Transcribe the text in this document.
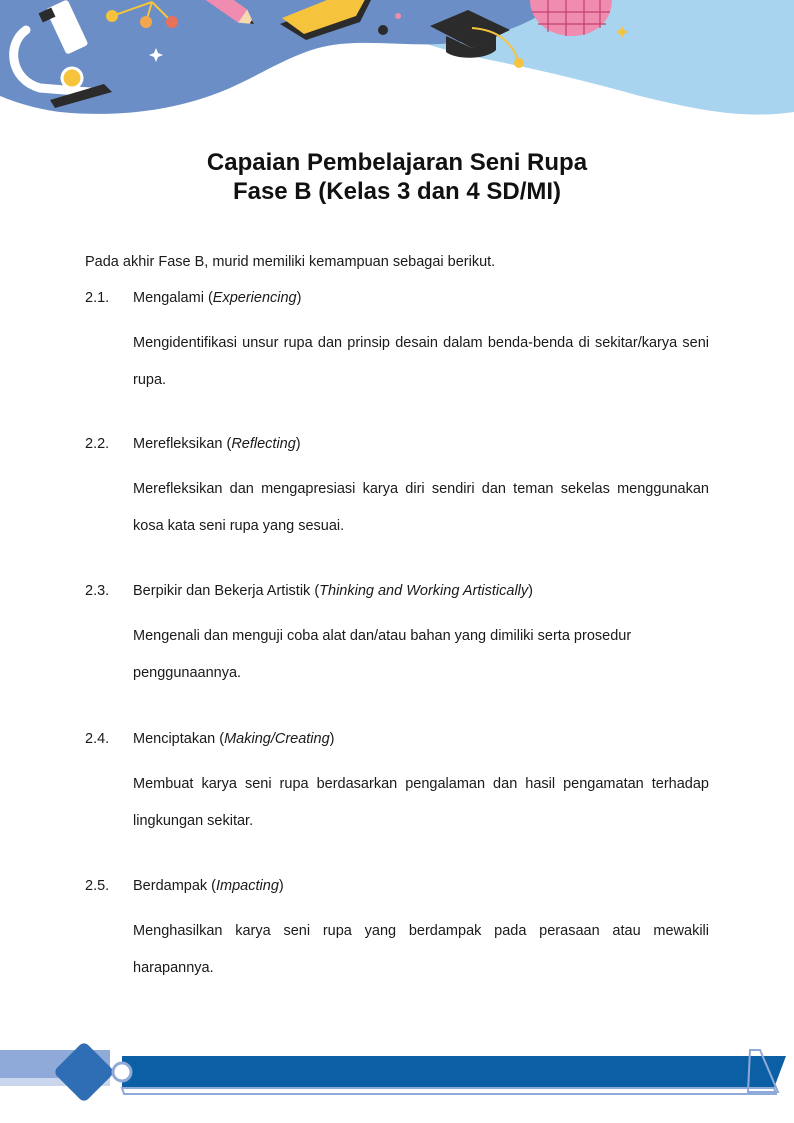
Capaian Pembelajaran Seni Rupa
Fase B (Kelas 3 dan 4 SD/MI)
Pada akhir Fase B, murid memiliki kemampuan sebagai berikut.
2.1. Mengalami (Experiencing)
Mengidentifikasi unsur rupa dan prinsip desain dalam benda-benda di sekitar/karya seni rupa.
2.2. Merefleksikan (Reflecting)
Merefleksikan dan mengapresiasi karya diri sendiri dan teman sekelas menggunakan kosa kata seni rupa yang sesuai.
2.3. Berpikir dan Bekerja Artistik (Thinking and Working Artistically)
Mengenali dan menguji coba alat dan/atau bahan yang dimiliki serta prosedur penggunaannya.
2.4. Menciptakan (Making/Creating)
Membuat karya seni rupa berdasarkan pengalaman dan hasil pengamatan terhadap lingkungan sekitar.
2.5. Berdampak (Impacting)
Menghasilkan karya seni rupa yang berdampak pada perasaan atau mewakili harapannya.
